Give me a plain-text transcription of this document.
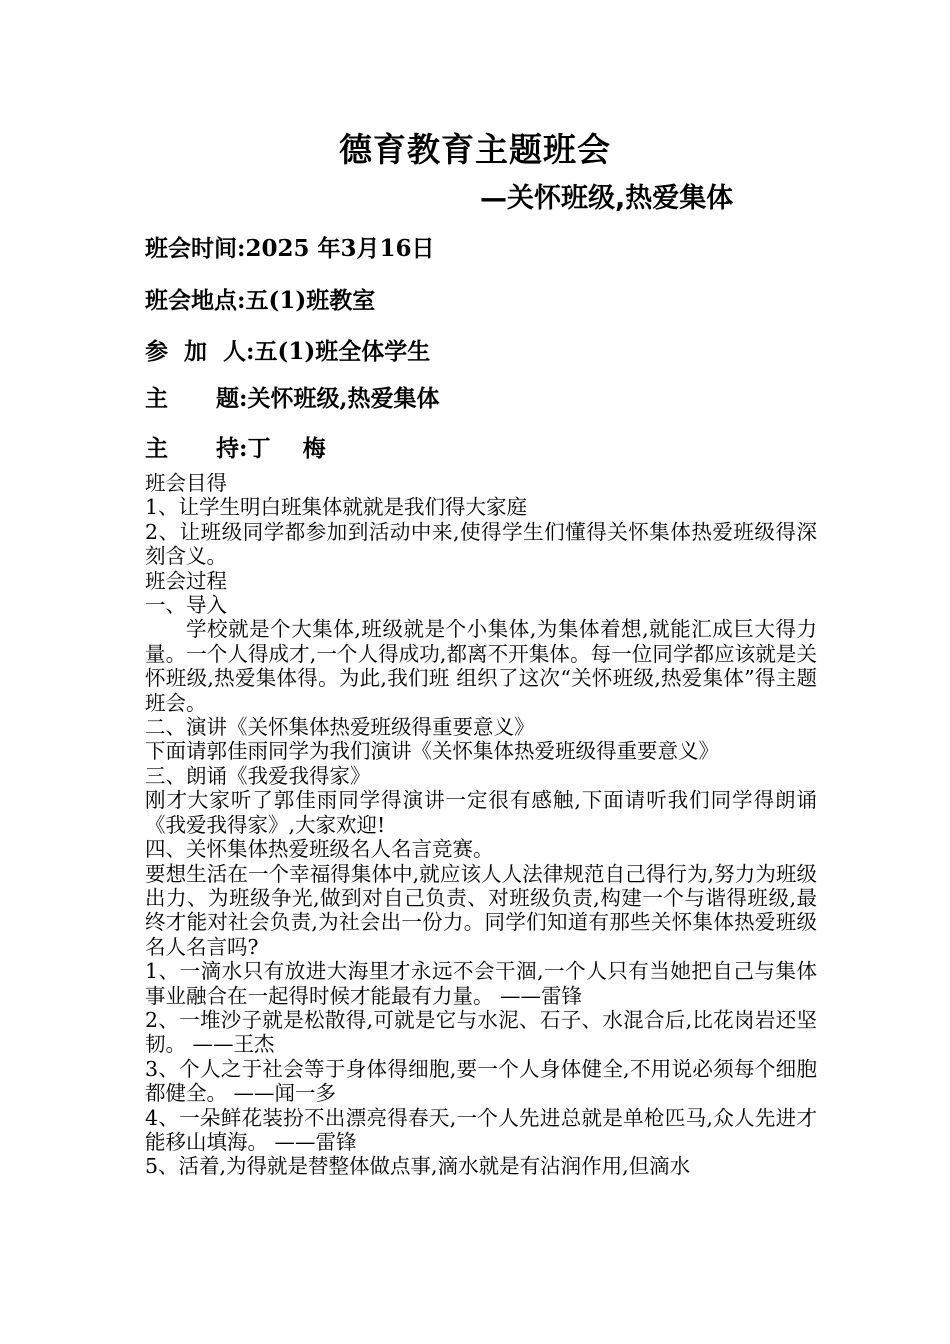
德育教育主题班会
—关怀班级,热爱集体
班会时间:2025 年3月16日
班会地点:五(1)班教室
参  加  人:五(1)班全体学生
主      题:关怀班级,热爱集体
主      持:丁    梅

班会目得

1、让学生明白班集体就就是我们得大家庭

2、让班级同学都参加到活动中来,使得学生们懂得关怀集体热爱班级得深刻含义。

班会过程

一、导入

学校就是个大集体,班级就是个小集体,为集体着想,就能汇成巨大得力量。一个人得成才,一个人得成功,都离不开集体。每一位同学都应该就是关怀班级,热爱集体得。为此,我们班 组织了这次“关怀班级,热爱集体”得主题班会。

二、演讲《关怀集体热爱班级得重要意义》

下面请郭佳雨同学为我们演讲《关怀集体热爱班级得重要意义》

三、朗诵《我爱我得家》

刚才大家听了郭佳雨同学得演讲一定很有感触,下面请听我们同学得朗诵《我爱我得家》,大家欢迎!

四、关怀集体热爱班级名人名言竞赛。

要想生活在一个幸福得集体中,就应该人人法律规范自己得行为,努力为班级出力、为班级争光,做到对自己负责、对班级负责,构建一个与谐得班级,最终才能对社会负责,为社会出一份力。同学们知道有那些关怀集体热爱班级名人名言吗?

1、一滴水只有放进大海里才永远不会干涸,一个人只有当她把自己与集体事业融合在一起得时候才能最有力量。 ——雷锋

2、一堆沙子就是松散得,可就是它与水泥、石子、水混合后,比花岗岩还坚韧。 ——王杰

3、个人之于社会等于身体得细胞,要一个人身体健全,不用说必须每个细胞都健全。 ——闻一多

4、一朵鲜花装扮不出漂亮得春天,一个人先进总就是单枪匹马,众人先进才能移山填海。 ——雷锋

5、活着,为得就是替整体做点事,滴水就是有沾润作用,但滴水
